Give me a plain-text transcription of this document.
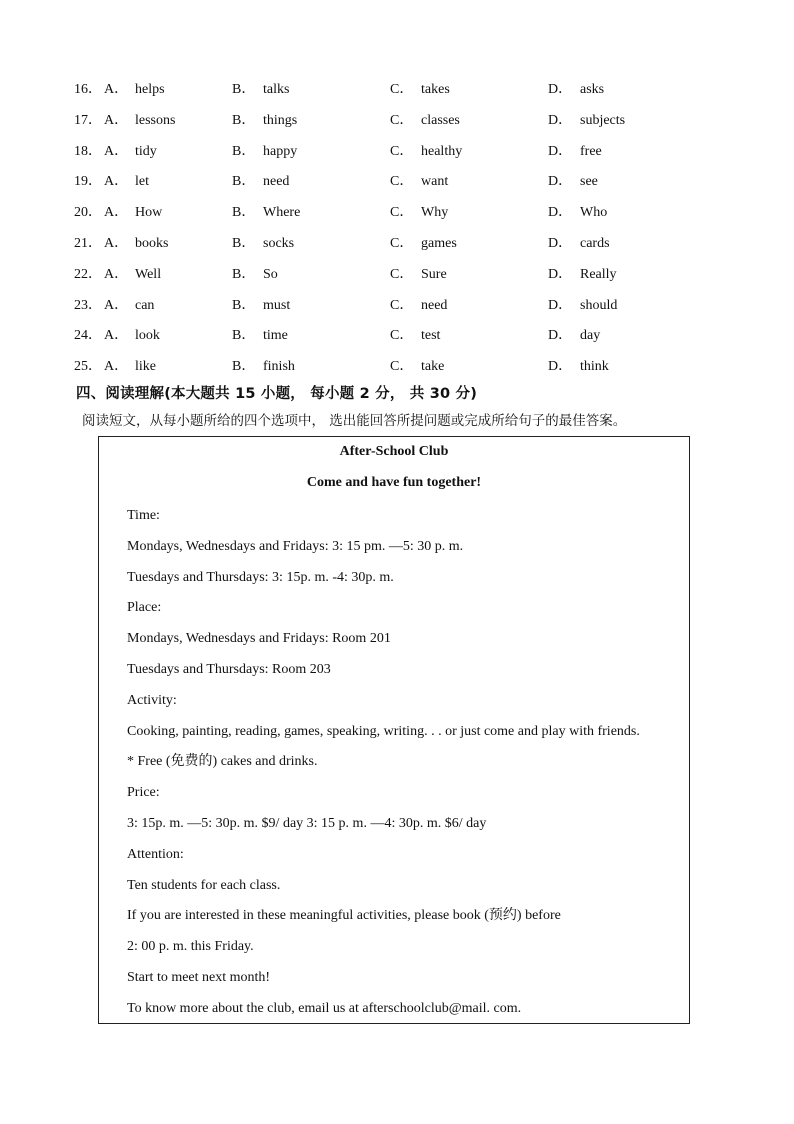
16． A． helps	B． talks	C． takes	D． asks
17． A． lessons	B． things	C． classes	D． subjects
18． A． tidy	B． happy	C． healthy	D． free
19． A． let	B． need	C． want	D． see
20． A． How	B． Where	C． Why	D． Who
21． A． books	B． socks	C． games	D． cards
22． A． Well	B． So	C． Sure	D． Really
23． A． can	B． must	C． need	D． should
24． A． look	B． time	C． test	D． day
25． A． like	B． finish	C． take	D． think
四、阅读理解(本大题共 15 小题， 每小题 2 分， 共 30 分)
阅读短文，从每小题所给的四个选项中， 选出能回答所提问题或完成所给句子的最佳答案。
After-School Club
Come and have fun together!
Time:
Mondays, Wednesdays and Fridays: 3: 15 pm. —5: 30 p. m.
Tuesdays and Thursdays: 3: 15p. m. -4: 30p. m.
Place:
Mondays, Wednesdays and Fridays: Room 201
Tuesdays and Thursdays: Room 203
Activity:
Cooking, painting, reading, games, speaking, writing. . . or just come and play with friends.
* Free (免费的) cakes and drinks.
Price:
3: 15p. m. —5: 30p. m. $9/ day 3: 15 p. m. —4: 30p. m. $6/ day
Attention:
Ten students for each class.
If you are interested in these meaningful activities, please book (预约) before
2: 00 p. m. this Friday.
Start to meet next month!
To know more about the club, email us at afterschoolclub@mail. com.
